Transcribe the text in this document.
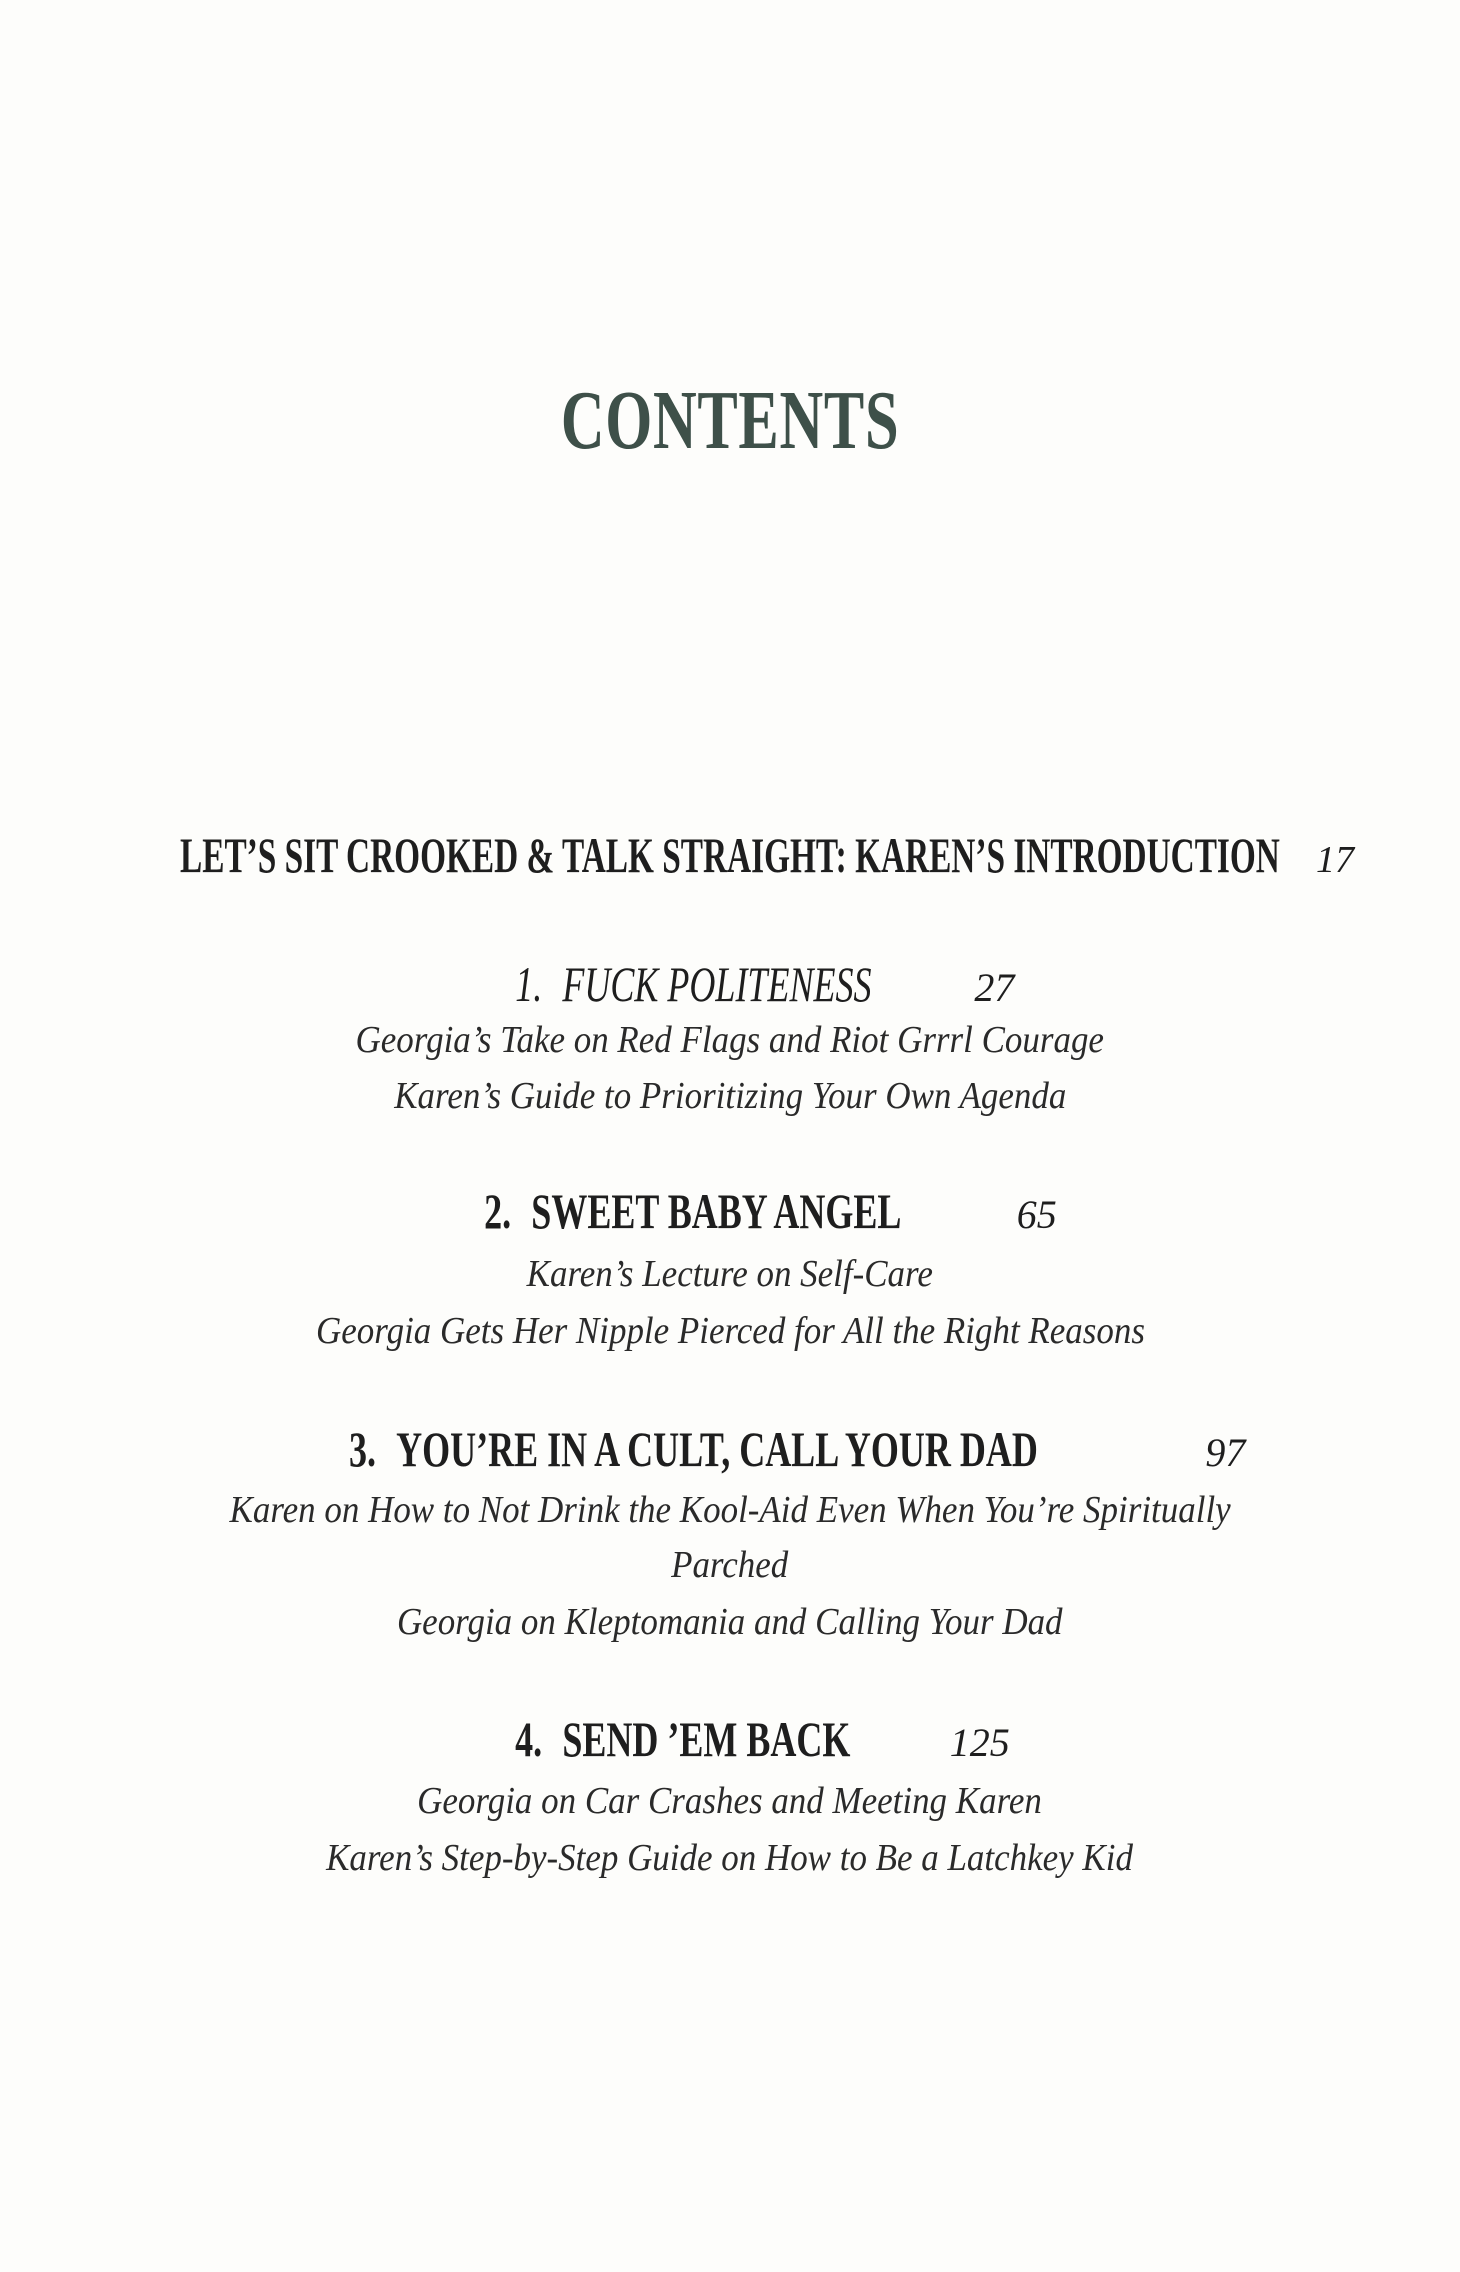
CONTENTS
LET’S SIT CROOKED & TALK STRAIGHT: KAREN’S INTRODUCTION 17
1. FUCK POLITENESS	27
Georgia’s Take on Red Flags and Riot Grrrl Courage
Karen’s Guide to Prioritizing Your Own Agenda
2. SWEET BABY ANGEL	65
Karen’s Lecture on Self-Care
Georgia Gets Her Nipple Pierced for All the Right Reasons
3. YOU’RE IN A CULT, CALL YOUR DAD	97
Karen on How to Not Drink the Kool-Aid Even When You’re Spiritually
Parched
Georgia on Kleptomania and Calling Your Dad
4. SEND ’EM BACK 125
Georgia on Car Crashes and Meeting Karen
Karen’s Step-by-Step Guide on How to Be a Latchkey Kid
